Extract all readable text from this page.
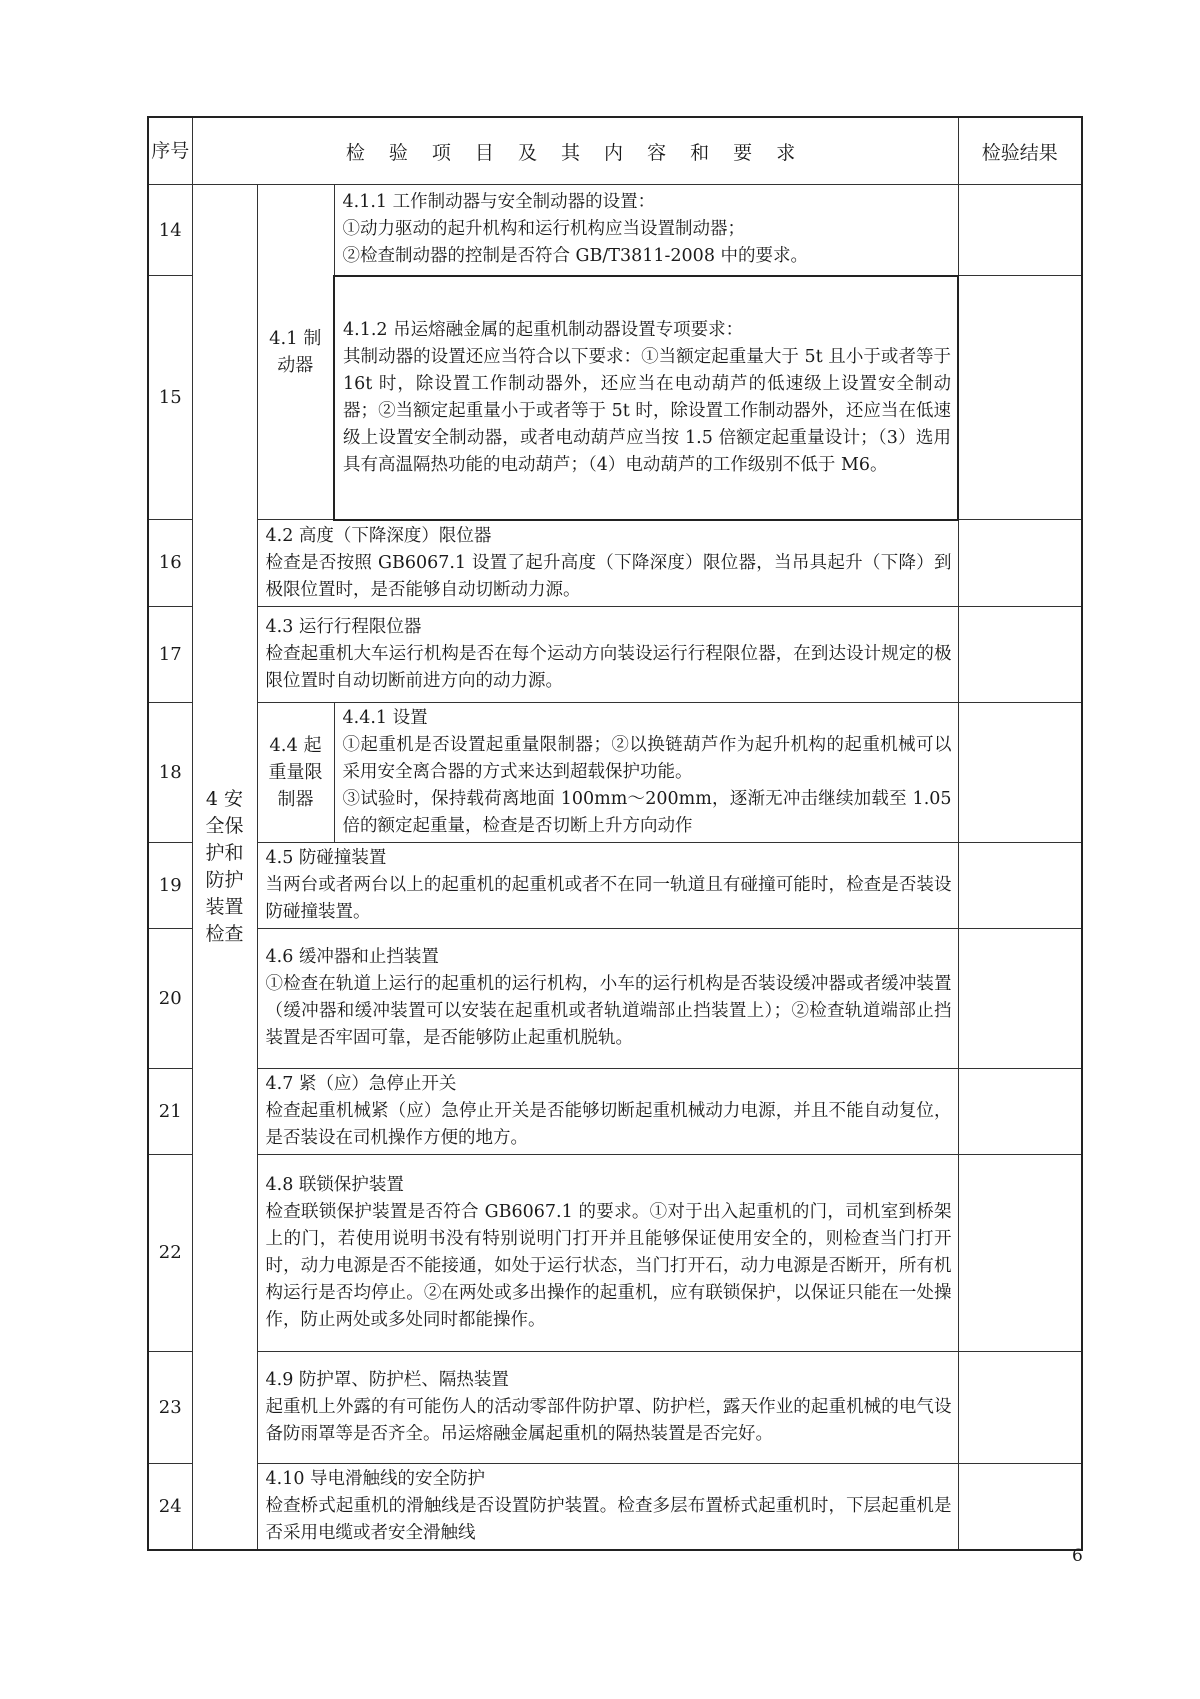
序号	检 验 项 目 及 其 内 容 和 要 求			检验结果
14	4 安全保护和防护装置检查	4.1 制动器	4.1.1 工作制动器与安全制动器的设置：

①动力驱动的起升机构和运行机构应当设置制动器；

②检查制动器的控制是否符合 GB/T3811-2008 中的要求。	

15			4.1.2 吊运熔融金属的起重机制动器设置专项要求：

其制动器的设置还应当符合以下要求：①当额定起重量大于 5t 且小于或者等于 16t 时，除设置工作制动器外，还应当在电动葫芦的低速级上设置安全制动器；②当额定起重量小于或者等于 5t 时，除设置工作制动器外，还应当在低速级上设置安全制动器，或者电动葫芦应当按 1.5 倍额定起重量设计；（3）选用具有高温隔热功能的电动葫芦；（4）电动葫芦的工作级别不低于 M6。	

16		4.2 高度（下降深度）限位器

检查是否按照 GB6067.1 设置了起升高度（下降深度）限位器，当吊具起升（下降）到极限位置时，是否能够自动切断动力源。		

17		4.3 运行行程限位器

检查起重机大车运行机构是否在每个运动方向装设运行行程限位器，在到达设计规定的极限位置时自动切断前进方向的动力源。		

18		4.4 起重量限制器	4.4.1 设置

①起重机是否设置起重量限制器；②以换链葫芦作为起升机构的起重机械可以采用安全离合器的方式来达到超载保护功能。

③试验时，保持载荷离地面 100mm～200mm，逐渐无冲击继续加载至 1.05 倍的额定起重量，检查是否切断上升方向动作	

19		4.5 防碰撞装置

当两台或者两台以上的起重机的起重机或者不在同一轨道且有碰撞可能时，检查是否装设防碰撞装置。		

20		4.6 缓冲器和止挡装置

①检查在轨道上运行的起重机的运行机构，小车的运行机构是否装设缓冲器或者缓冲装置（缓冲器和缓冲装置可以安装在起重机或者轨道端部止挡装置上）；②检查轨道端部止挡装置是否牢固可靠，是否能够防止起重机脱轨。		

21		4.7 紧（应）急停止开关

检查起重机械紧（应）急停止开关是否能够切断起重机械动力电源，并且不能自动复位，是否装设在司机操作方便的地方。		

22		4.8 联锁保护装置

检查联锁保护装置是否符合 GB6067.1 的要求。①对于出入起重机的门，司机室到桥架上的门，若使用说明书没有特别说明门打开并且能够保证使用安全的，则检查当门打开时，动力电源是否不能接通，如处于运行状态，当门打开石，动力电源是否断开，所有机构运行是否均停止。②在两处或多出操作的起重机，应有联锁保护，以保证只能在一处操作，防止两处或多处同时都能操作。		

23		4.9 防护罩、防护栏、隔热装置

起重机上外露的有可能伤人的活动零部件防护罩、防护栏，露天作业的起重机械的电气设备防雨罩等是否齐全。吊运熔融金属起重机的隔热装置是否完好。		

24		4.10 导电滑触线的安全防护

检查桥式起重机的滑触线是否设置防护装置。检查多层布置桥式起重机时，下层起重机是否采用电缆或者安全滑触线		

6
